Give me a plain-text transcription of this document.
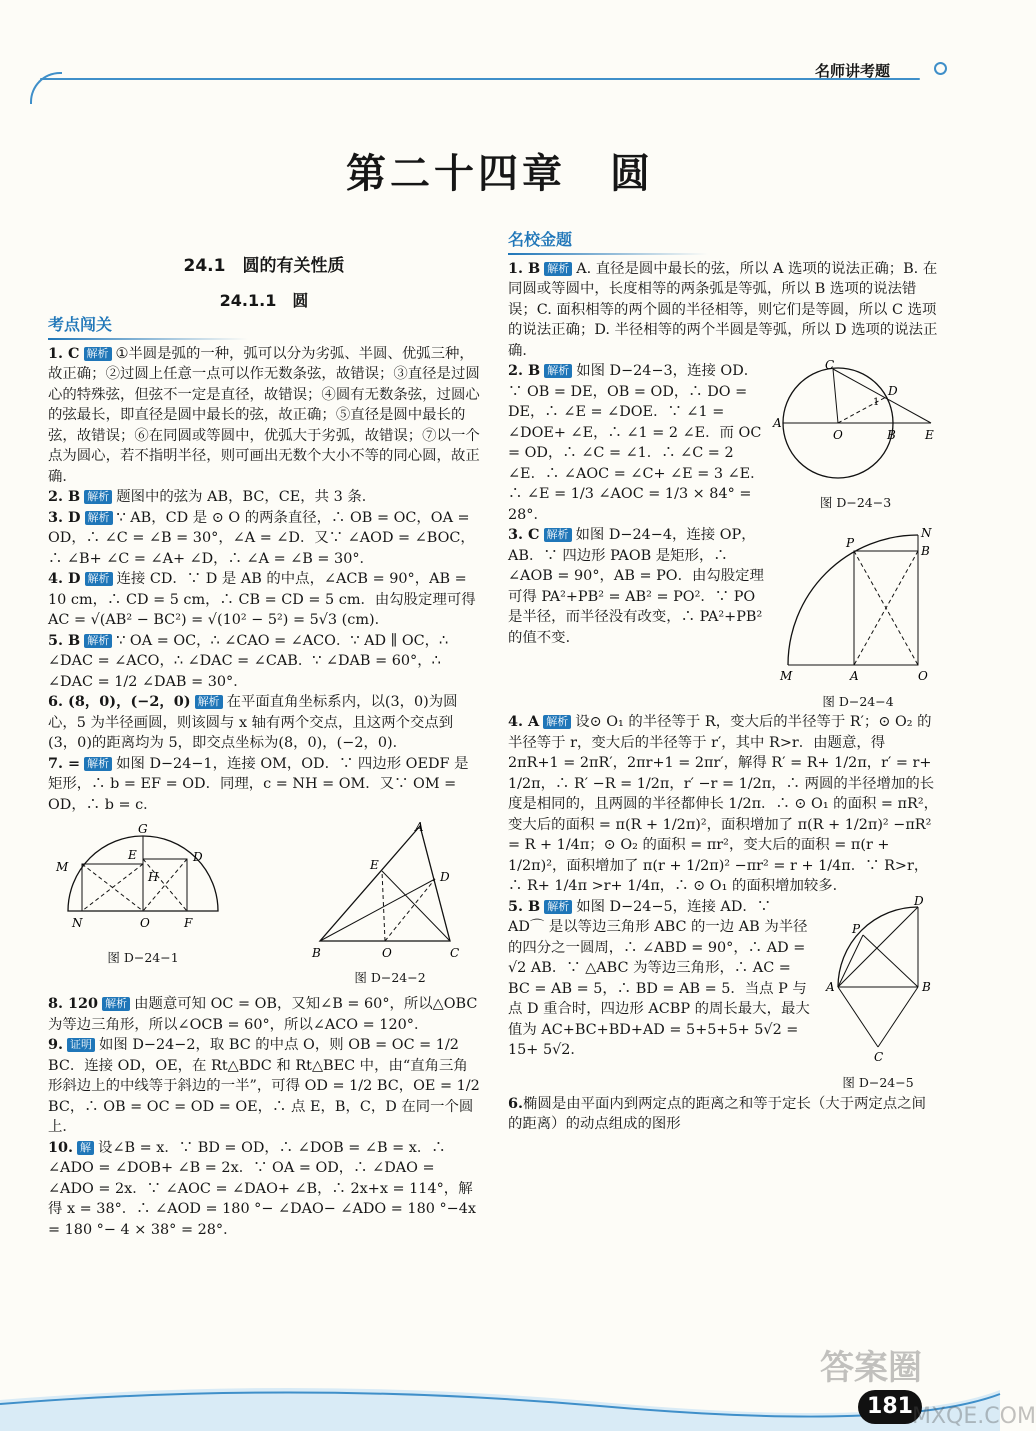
名师讲考题
第二十四章　圆
24.1　圆的有关性质
24.1.1　圆
考点闯关

1. C 解析 ①半圆是弧的一种，弧可以分为劣弧、半圆、优弧三种，故正确；②过圆上任意一点可以作无数条弦，故错误；③直径是过圆心的特殊弦，但弦不一定是直径，故错误；④圆有无数条弦，过圆心的弦最长，即直径是圆中最长的弦，故正确；⑤直径是圆中最长的弦，故错误；⑥在同圆或等圆中，优弧大于劣弧，故错误；⑦以一个点为圆心，若不指明半径，则可画出无数个大小不等的同心圆，故正确．

2. B 解析 题图中的弦为 AB，BC，CE，共 3 条．

3. D 解析 ∵ AB，CD 是 ⊙ O 的两条直径，∴ OB = OC，OA = OD，∴ ∠C = ∠B = 30°，∠A = ∠D．又∵ ∠AOD = ∠BOC，∴ ∠B+ ∠C = ∠A+ ∠D，∴ ∠A = ∠B = 30°．

4. D 解析 连接 CD．∵ D 是 AB 的中点，∠ACB = 90°，AB = 10 cm，∴ CD = 5 cm，∴ CB = CD = 5 cm．由勾股定理可得 AC = √(AB² − BC²) = √(10² − 5²) = 5√3 (cm)．

5. B 解析 ∵ OA = OC，∴ ∠CAO = ∠ACO．∵ AD ∥ OC，∴ ∠DAC = ∠ACO，∴ ∠DAC = ∠CAB．∵ ∠DAB = 60°，∴ ∠DAC = 1/2 ∠DAB = 30°．

6. (8，0)，(−2，0) 解析 在平面直角坐标系内，以(3，0)为圆心，5 为半径画圆，则该圆与 x 轴有两个交点，且这两个交点到(3，0)的距离均为 5，即交点坐标为(8，0)，(−2，0)．

7. = 解析 如图 D−24−1，连接 OM，OD．∵ 四边形 OEDF 是矩形，∴ b = EF = OD．同理，c = NH = OM．又∵ OM = OD，∴ b = c．

G
M
E
H
D
N	O	F
图 D−24−1
A
E
D
B	O	C
图 D−24−2

8. 120 解析 由题意可知 OC = OB，又知∠B = 60°，所以△OBC 为等边三角形，所以∠OCB = 60°，所以∠ACO = 120°．

9. 证明 如图 D−24−2，取 BC 的中点 O，则 OB = OC = 1/2 BC．连接 OD，OE，在 Rt△BDC 和 Rt△BEC 中，由“直角三角形斜边上的中线等于斜边的一半”，可得 OD = 1/2 BC，OE = 1/2 BC，∴ OB = OC = OD = OE，∴ 点 E，B，C，D 在同一个圆上．

10. 解 设∠B = x．∵ BD = OD，∴ ∠DOB = ∠B = x．∴ ∠ADO = ∠DOB+ ∠B = 2x．∵ OA = OD，∴ ∠DAO = ∠ADO = 2x．∵ ∠AOC = ∠DAO+ ∠B，∴ 2x+x = 114°，解得 x = 38°．∴ ∠AOD = 180 °− ∠DAO− ∠ADO = 180 °−4x = 180 °− 4 × 38° = 28°．

名校金题

1. B 解析 A. 直径是圆中最长的弦，所以 A 选项的说法正确；B. 在同圆或等圆中，长度相等的两条弧是等弧，所以 B 选项的说法错误；C. 面积相等的两个圆的半径相等，则它们是等圆，所以 C 选项的说法正确；D. 半径相等的两个半圆是等弧，所以 D 选项的说法正确．

C
D
1
A
O	B E
图 D−24−3

2. B 解析 如图 D−24−3，连接 OD．∵ OB = DE，OB = OD，∴ DO = DE，∴ ∠E = ∠DOE．∵ ∠1 = ∠DOE+ ∠E，∴ ∠1 = 2 ∠E．而 OC = OD，∴ ∠C = ∠1．∴ ∠C = 2 ∠E．∴ ∠AOC = ∠C+ ∠E = 3 ∠E．∴ ∠E = 1/3 ∠AOC = 1/3 × 84° = 28°．

P
N
B
M	A	O
图 D−24−4

3. C 解析 如图 D−24−4，连接 OP，AB．∵ 四边形 PAOB 是矩形，∴ ∠AOB = 90°，AB = PO．由勾股定理可得 PA²+PB² = AB² = PO²．∵ PO 是半径，而半径没有改变，∴ PA²+PB² 的值不变．

4. A 解析 设⊙ O₁ 的半径等于 R，变大后的半径等于 R′；⊙ O₂ 的半径等于 r，变大后的半径等于 r′，其中 R>r．由题意，得 2πR+1 = 2πR′，2πr+1 = 2πr′，解得 R′ = R+ 1/2π，r′ = r+ 1/2π，∴ R′ −R = 1/2π，r′ −r = 1/2π，∴ 两圆的半径增加的长度是相同的，且两圆的半径都伸长 1/2π．∴ ⊙ O₁ 的面积 = πR²，变大后的面积 = π(R + 1/2π)²，面积增加了 π(R + 1/2π)² −πR² = R + 1/4π；⊙ O₂ 的面积 = πr²，变大后的面积 = π(r + 1/2π)²，面积增加了 π(r + 1/2π)² −πr² = r + 1/4π．∵ R>r，∴ R+ 1/4π >r+ 1/4π，∴ ⊙ O₁ 的面积增加较多．

D
P
A	B
C
图 D−24−5

5. B 解析 如图 D−24−5，连接 AD．∵ AD⌒ 是以等边三角形 ABC 的一边 AB 为半径的四分之一圆周，∴ ∠ABD = 90°，∴ AD = √2 AB．∵ △ABC 为等边三角形，∴ AC = BC = AB = 5，∴ BD = AB = 5．当点 P 与点 D 重合时，四边形 ACBP 的周长最大，最大值为 AC+BC+BD+AD = 5+5+5+ 5√2 = 15+ 5√2．

6.椭圆是由平面内到两定点的距离之和等于定长（大于两定点之间的距离）的动点组成的图形

答案圈
181 MXQE.COM
